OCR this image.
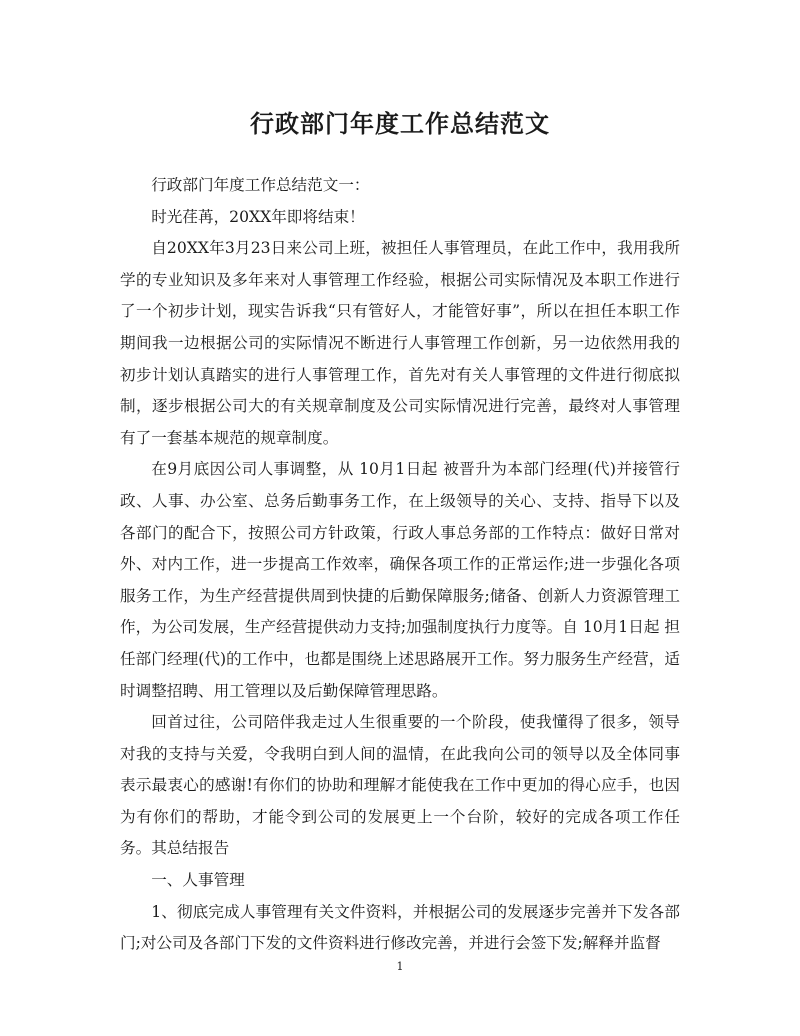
行政部门年度工作总结范文

行政部门年度工作总结范文一：

时光荏苒，20XX年即将结束！

自20XX年3月23日来公司上班，被担任人事管理员，在此工作中，我用我所学的专业知识及多年来对人事管理工作经验，根据公司实际情况及本职工作进行了一个初步计划，现实告诉我“只有管好人，才能管好事”，所以在担任本职工作期间我一边根据公司的实际情况不断进行人事管理工作创新，另一边依然用我的初步计划认真踏实的进行人事管理工作，首先对有关人事管理的文件进行彻底拟制，逐步根据公司大的有关规章制度及公司实际情况进行完善，最终对人事管理有了一套基本规范的规章制度。

在9月底因公司人事调整，从 10月1日起 被晋升为本部门经理(代)并接管行政、人事、办公室、总务后勤事务工作，在上级领导的关心、支持、指导下以及各部门的配合下，按照公司方针政策，行政人事总务部的工作特点：做好日常对外、对内工作，进一步提高工作效率，确保各项工作的正常运作;进一步强化各项服务工作，为生产经营提供周到快捷的后勤保障服务;储备、创新人力资源管理工作，为公司发展，生产经营提供动力支持;加强制度执行力度等。自 10月1日起 担任部门经理(代)的工作中，也都是围绕上述思路展开工作。努力服务生产经营，适时调整招聘、用工管理以及后勤保障管理思路。

回首过往，公司陪伴我走过人生很重要的一个阶段，使我懂得了很多，领导对我的支持与关爱，令我明白到人间的温情，在此我向公司的领导以及全体同事表示最衷心的感谢!有你们的协助和理解才能使我在工作中更加的得心应手，也因为有你们的帮助，才能令到公司的发展更上一个台阶，较好的完成各项工作任务。其总结报告

一、人事管理

1、彻底完成人事管理有关文件资料，并根据公司的发展逐步完善并下发各部门;对公司及各部门下发的文件资料进行修改完善，并进行会签下发;解释并监督

1
